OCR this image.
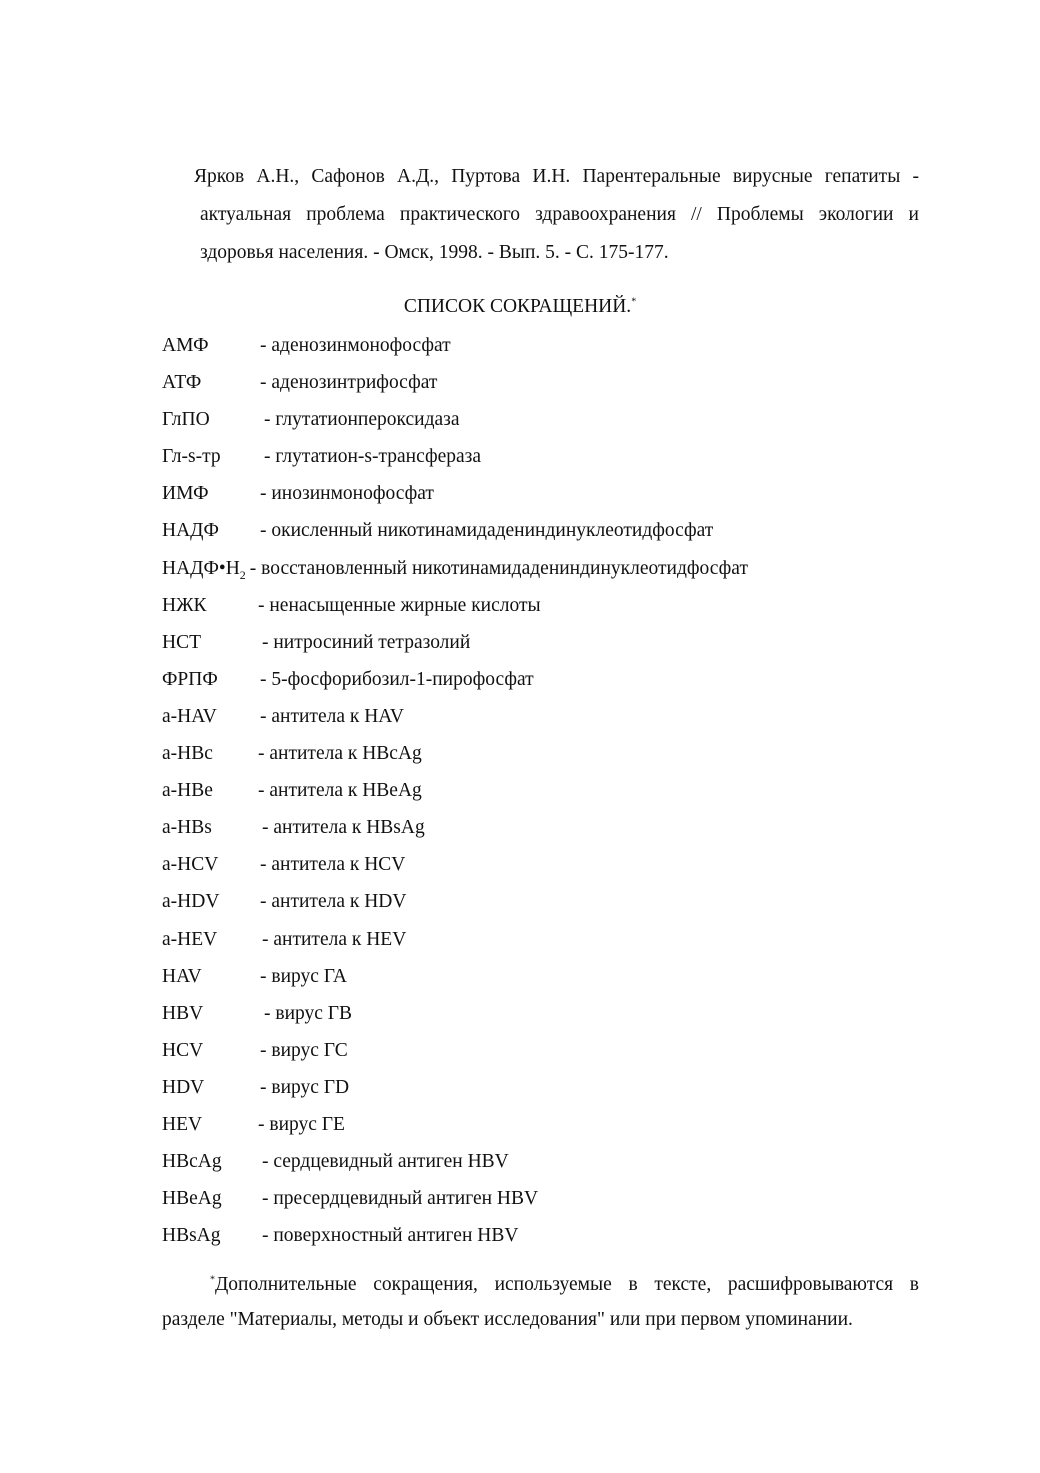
Ярков А.Н., Сафонов А.Д., Пуртова И.Н. Парентеральные вирусные гепатиты -
актуальная проблема практического здравоохранения // Проблемы экологии и
здоровья населения. - Омск, 1998. - Вып. 5. - С. 175-177.
СПИСОК СОКРАЩЕНИЙ.*
АМФ	- аденозинмонофосфат
АТФ	- аденозинтрифосфат
ГлПО	- глутатионпероксидаза
Гл-s-тр - глутатион-s-трансфераза
ИМФ	- инозинмонофосфат
НАДФ - окисленный никотинамидадениндинуклеотидфосфат
$НАДФ•Н_2$ - восстановленный никотинамидадениндинуклеотидфосфат
НЖК	- ненасыщенные жирные кислоты
НСТ	- нитросиний тетразолий
ФРПФ - 5-фосфорибозил-1-пирофосфат
a-HAV - антитела к HAV
a-HBc - антитела к HBcAg
a-HBe - антитела к HBeAg
a-HBs	- антитела к HBsAg
a-HCV - антитела к HCV
a-HDV - антитела к HDV
a-HEV - антитела к HEV
HAV	- вирус ГА
HBV	- вирус ГВ
HCV	- вирус ГС
HDV	- вирус ГD
HEV	- вирус ГЕ
HBcAg - сердцевидный антиген HBV
HBeAg - пресердцевидный антиген HBV
HBsAg - поверхностный антиген HBV
*Дополнительные сокращения, используемые в тексте, расшифровываются в
разделе "Материалы, методы и объект исследования" или при первом упоминании.
